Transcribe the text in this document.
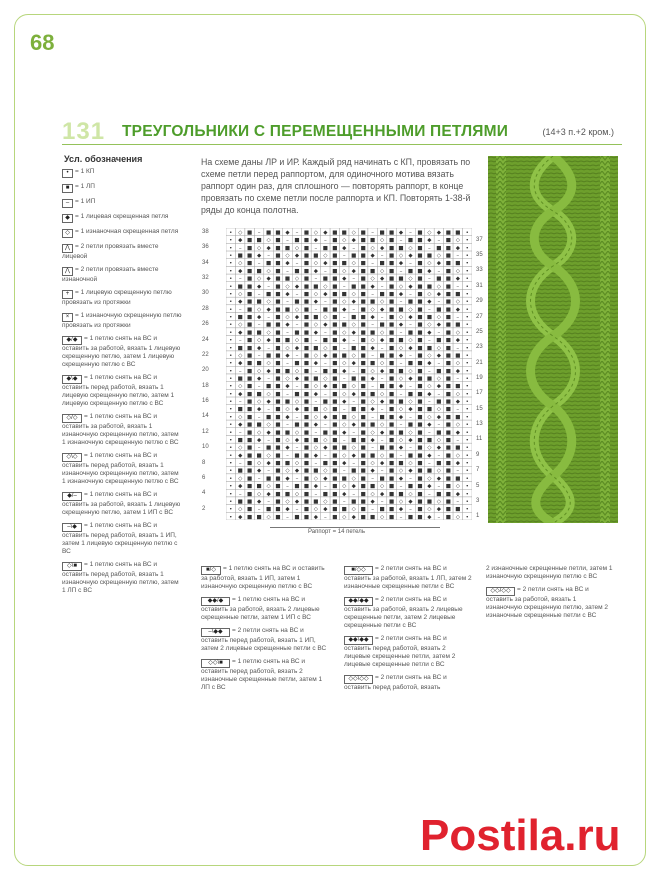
68
131 ТРЕУГОЛЬНИКИ С ПЕРЕМЕЩЕННЫМИ ПЕТЛЯМИ	(14+3 п.+2 кром.)
Усл. обозначения
• = 1 КП
■ = 1 ЛП
– = 1 ИП
◆ = 1 лицевая скрещенная петля
◇ = 1 изнаночная скрещенная петля
⋀ = 2 петли провязать вместе лицевой
⋀ = 2 петли провязать вместе изнаночной
+ = 1 лицевую скрещенную петлю провязать из протяжки
× = 1 изнаночную скрещенную петлю провязать из протяжки
◆/◆ = 1 петлю снять на ВС и оставить за работой, вязать 1 лицевую скрещенную петлю, затем 1 лицевую скрещенную петлю с ВС
◆\◆ = 1 петлю снять на ВС и оставить перед работой, вязать 1 лицевую скрещенную петлю, затем 1 лицевую скрещенную петлю с ВС
◇/◇ = 1 петлю снять на ВС и оставить за работой, вязать 1 изнаночную скрещенную петлю, затем 1 изнаночную скрещенную петлю с ВС
◇\◇ = 1 петлю снять на ВС и оставить перед работой, вязать 1 изнаночную скрещенную петлю, затем 1 изнаночную скрещенную петлю с ВС
◆/– = 1 петлю снять на ВС и оставить за работой, вязать 1 лицевую скрещенную петлю, затем 1 ИП с ВС
–\◆ = 1 петлю снять на ВС и оставить перед работой, вязать 1 ИП, затем 1 лицевую скрещенную петлю с ВС
◇\■ = 1 петлю снять на ВС и оставить перед работой, вязать 1 изнаночную скрещенную петлю, затем 1 ЛП с ВС
На схеме даны ЛР и ИР. Каждый ряд начинать с КП, провязать по схеме петли перед раппортом, для одиночного мотива вязать раппорт один раз, для сплошного — повторять раппорт, в конце провязать по схеме петли после раппорта и КП. Повторять 1-38-й ряды до конца полотна.
• ◇ ■ – ■ ■ ◆ – ■ ◇ ◆ ■ ■ ◇ ■ – ■ ■ ◆ – ■ ◇ ◆ ■ ■ •
• ◆ ■ ■ ◇ ■ – ■ ■ ◆ – ■ ◇ ◆ ■ ■ ◇ ■ – ■ ■ ◆ – ■ ◇ •
• – ■ ◇ ◆ ■ ■ ◇ ■ – ■ ■ ◆ – ■ ◇ ◆ ■ ■ ◇ ■ – ■ ■ ◆ •
• ■ ■ ◆ – ■ ◇ ◆ ■ ■ ◇ ■ – ■ ■ ◆ – ■ ◇ ◆ ■ ■ ◇ ■ – •
• ◇ ■ – ■ ■ ◆ – ■ ◇ ◆ ■ ■ ◇ ■ – ■ ■ ◆ – ■ ◇ ◆ ■ ■ •
• ◆ ■ ■ ◇ ■ – ■ ■ ◆ – ■ ◇ ◆ ■ ■ ◇ ■ – ■ ■ ◆ – ■ ◇ •
• – ■ ◇ ◆ ■ ■ ◇ ■ – ■ ■ ◆ – ■ ◇ ◆ ■ ■ ◇ ■ – ■ ■ ◆ •
• ■ ■ ◆ – ■ ◇ ◆ ■ ■ ◇ ■ – ■ ■ ◆ – ■ ◇ ◆ ■ ■ ◇ ■ – •
• ◇ ■ – ■ ■ ◆ – ■ ◇ ◆ ■ ■ ◇ ■ – ■ ■ ◆ – ■ ◇ ◆ ■ ■ •
• ◆ ■ ■ ◇ ■ – ■ ■ ◆ – ■ ◇ ◆ ■ ■ ◇ ■ – ■ ■ ◆ – ■ ◇ •
• – ■ ◇ ◆ ■ ■ ◇ ■ – ■ ■ ◆ – ■ ◇ ◆ ■ ■ ◇ ■ – ■ ■ ◆ •
• ■ ■ ◆ – ■ ◇ ◆ ■ ■ ◇ ■ – ■ ■ ◆ – ■ ◇ ◆ ■ ■ ◇ ■ – •
• ◇ ■ – ■ ■ ◆ – ■ ◇ ◆ ■ ■ ◇ ■ – ■ ■ ◆ – ■ ◇ ◆ ■ ■ •
• ◆ ■ ■ ◇ ■ – ■ ■ ◆ – ■ ◇ ◆ ■ ■ ◇ ■ – ■ ■ ◆ – ■ ◇ •
• – ■ ◇ ◆ ■ ■ ◇ ■ – ■ ■ ◆ – ■ ◇ ◆ ■ ■ ◇ ■ – ■ ■ ◆ •
• ■ ■ ◆ – ■ ◇ ◆ ■ ■ ◇ ■ – ■ ■ ◆ – ■ ◇ ◆ ■ ■ ◇ ■ – •
• ◇ ■ – ■ ■ ◆ – ■ ◇ ◆ ■ ■ ◇ ■ – ■ ■ ◆ – ■ ◇ ◆ ■ ■ •
• ◆ ■ ■ ◇ ■ – ■ ■ ◆ – ■ ◇ ◆ ■ ■ ◇ ■ – ■ ■ ◆ – ■ ◇ •
• – ■ ◇ ◆ ■ ■ ◇ ■ – ■ ■ ◆ – ■ ◇ ◆ ■ ■ ◇ ■ – ■ ■ ◆ •
• ■ ■ ◆ – ■ ◇ ◆ ■ ■ ◇ ■ – ■ ■ ◆ – ■ ◇ ◆ ■ ■ ◇ ■ – •
• ◇ ■ – ■ ■ ◆ – ■ ◇ ◆ ■ ■ ◇ ■ – ■ ■ ◆ – ■ ◇ ◆ ■ ■ •
• ◆ ■ ■ ◇ ■ – ■ ■ ◆ – ■ ◇ ◆ ■ ■ ◇ ■ – ■ ■ ◆ – ■ ◇ •
• – ■ ◇ ◆ ■ ■ ◇ ■ – ■ ■ ◆ – ■ ◇ ◆ ■ ■ ◇ ■ – ■ ■ ◆ •
• ■ ■ ◆ – ■ ◇ ◆ ■ ■ ◇ ■ – ■ ■ ◆ – ■ ◇ ◆ ■ ■ ◇ ■ – •
• ◇ ■ – ■ ■ ◆ – ■ ◇ ◆ ■ ■ ◇ ■ – ■ ■ ◆ – ■ ◇ ◆ ■ ■ •
• ◆ ■ ■ ◇ ■ – ■ ■ ◆ – ■ ◇ ◆ ■ ■ ◇ ■ – ■ ■ ◆ – ■ ◇ •
• – ■ ◇ ◆ ■ ■ ◇ ■ – ■ ■ ◆ – ■ ◇ ◆ ■ ■ ◇ ■ – ■ ■ ◆ •
• ■ ■ ◆ – ■ ◇ ◆ ■ ■ ◇ ■ – ■ ■ ◆ – ■ ◇ ◆ ■ ■ ◇ ■ – •
• ◇ ■ – ■ ■ ◆ – ■ ◇ ◆ ■ ■ ◇ ■ – ■ ■ ◆ – ■ ◇ ◆ ■ ■ •
• ◆ ■ ■ ◇ ■ – ■ ■ ◆ – ■ ◇ ◆ ■ ■ ◇ ■ – ■ ■ ◆ – ■ ◇ •
• – ■ ◇ ◆ ■ ■ ◇ ■ – ■ ■ ◆ – ■ ◇ ◆ ■ ■ ◇ ■ – ■ ■ ◆ •
• ■ ■ ◆ – ■ ◇ ◆ ■ ■ ◇ ■ – ■ ■ ◆ – ■ ◇ ◆ ■ ■ ◇ ■ – •
• ◇ ■ – ■ ■ ◆ – ■ ◇ ◆ ■ ■ ◇ ■ – ■ ■ ◆ – ■ ◇ ◆ ■ ■ •
• ◆ ■ ■ ◇ ■ – ■ ■ ◆ – ■ ◇ ◆ ■ ■ ◇ ■ – ■ ■ ◆ – ■ ◇ •
• – ■ ◇ ◆ ■ ■ ◇ ■ – ■ ■ ◆ – ■ ◇ ◆ ■ ■ ◇ ■ – ■ ■ ◆ •
• ■ ■ ◆ – ■ ◇ ◆ ■ ■ ◇ ■ – ■ ■ ◆ – ■ ◇ ◆ ■ ■ ◇ ■ – •
• ◇ ■ – ■ ■ ◆ – ■ ◇ ◆ ■ ■ ◇ ■ – ■ ■ ◆ – ■ ◇ ◆ ■ ■ •
• ◆ ■ ■ ◇ ■ – ■ ■ ◆ – ■ ◇ ◆ ■ ■ ◇ ■ – ■ ■ ◆ – ■ ◇ •
38
36
34
32
30
28
26
24
22
20
18
16
14
12
10
8
6
4
2
37
35
33
31
29
27
25
23
21
19
17
15
13
11
9
7
5
3
1
Раппорт = 14 петель
■/◇ = 1 петлю снять на ВС и оставить за работой, вязать 1 ИП, затем 1 изнаночную скрещенную петлю с ВС
◆◆/◆ = 1 петлю снять на ВС и оставить за работой, вязать 2 лицевые скрещенные петли, затем 1 ИП с ВС
–\◆◆ = 2 петли снять на ВС и оставить перед работой, вязать 1 ИП, затем 2 лицевые скрещенные петли с ВС
◇◇\■ = 1 петлю снять на ВС и оставить перед работой, вязать 2 изнаночные скрещенные петли, затем 1 ЛП с ВС
■/◇◇ = 2 петли снять на ВС и оставить за работой, вязать 1 ЛП, затем 2 изнаночные скрещенные петли с ВС
◆◆/◆◆ = 2 петли снять на ВС и оставить за работой, вязать 2 лицевые скрещенные петли, затем 2 лицевые скрещенные петли с ВС
◆◆\◆◆ = 2 петли снять на ВС и оставить перед работой, вязать 2 лицевые скрещенные петли, затем 2 лицевые скрещенные петли с ВС
◇◇\◇◇ = 2 петли снять на ВС и оставить перед работой, вязать
2 изнаночные скрещенные петли, затем 1 изнаночную скрещенную петлю с ВС
◇◇/◇◇ = 2 петли снять на ВС и оставить за работой, вязать 1 изнаночную скрещенную петлю, затем 2 изнаночные скрещенные петли с ВС
Postila.ru
